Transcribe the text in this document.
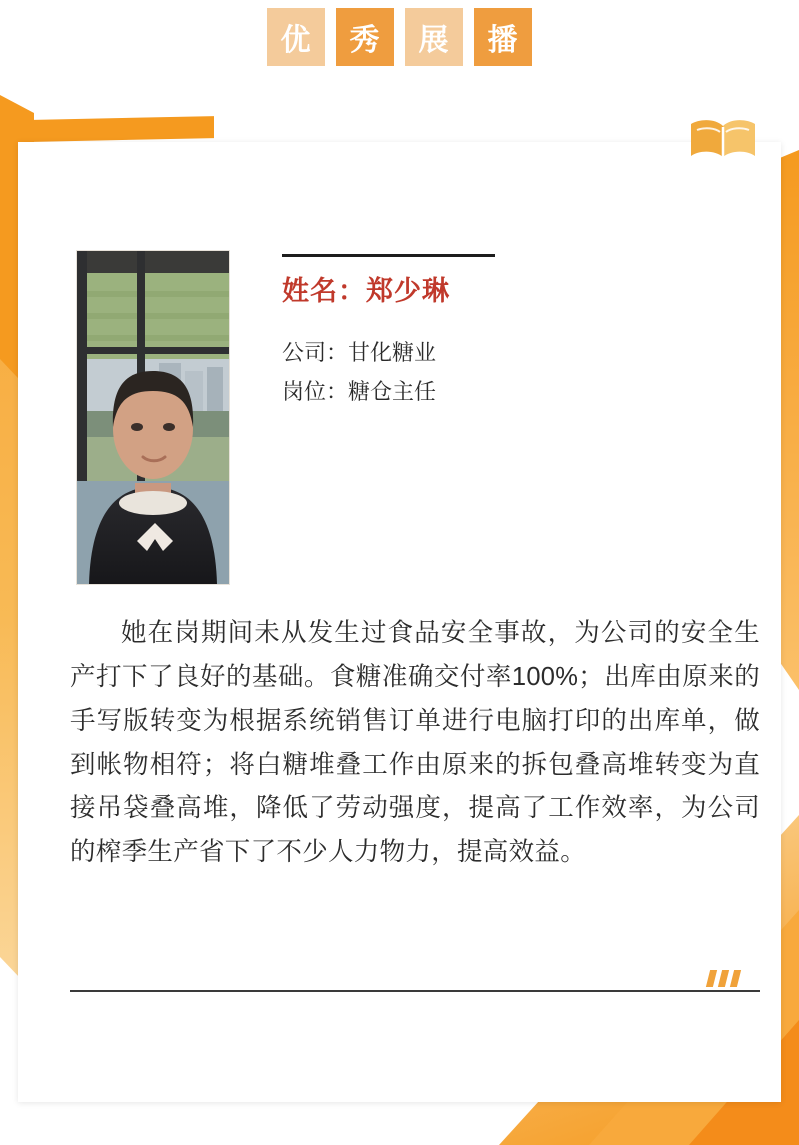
优 秀 展 播
姓名：郑少琳
公司：甘化糖业
岗位：糖仓主任
她在岗期间未从发生过食品安全事故，为公司的安全生产打下了良好的基础。食糖准确交付率100%；出库由原来的手写版转变为根据系统销售订单进行电脑打印的出库单，做到帐物相符；将白糖堆叠工作由原来的拆包叠高堆转变为直接吊袋叠高堆，降低了劳动强度，提高了工作效率，为公司的榨季生产省下了不少人力物力，提高效益。
